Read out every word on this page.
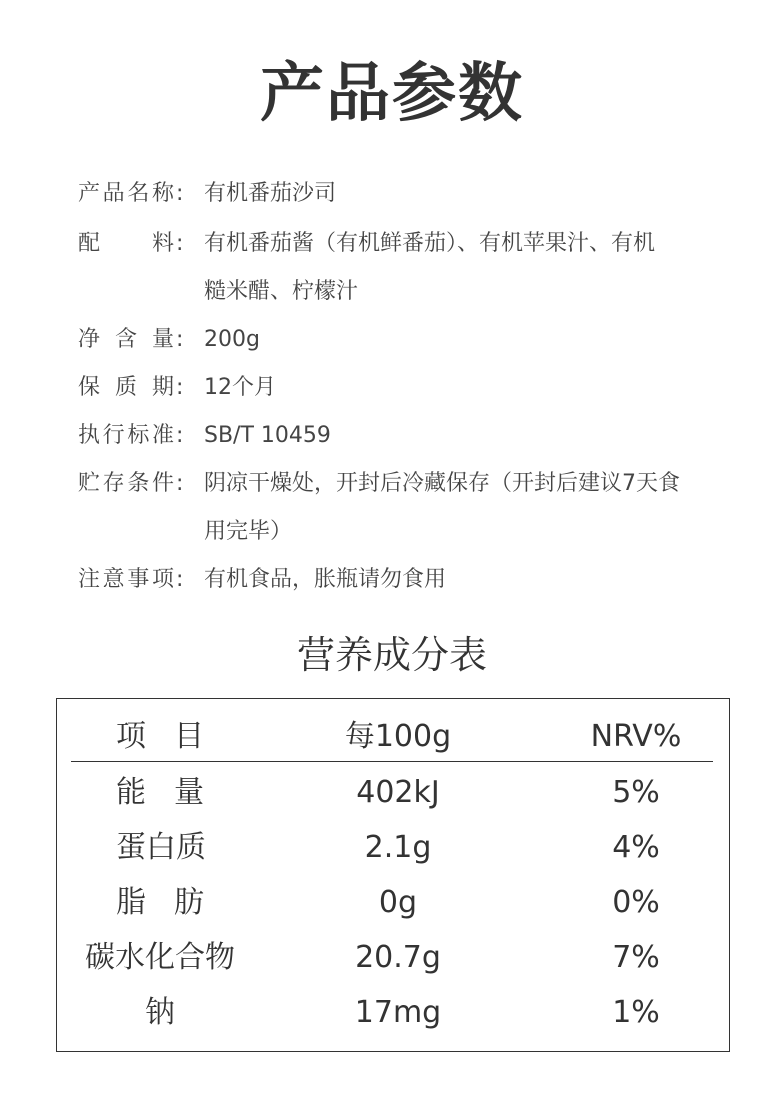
产品参数
产 品 名 称 : 有机番茄沙司
配 料 : 有机番茄酱（有机鲜番茄）、有机苹果汁、有机
糙米醋、柠檬汁
净 含 量 : 200g
保 质 期 : 12个月
执 行 标 准 : SB/T 10459
贮 存 条 件 : 阴凉干燥处，开封后冷藏保存（开封后建议7天食
用完毕）
注 意 事 项 : 有机食品，胀瓶请勿食用
营养成分表
项 目	每100g	NRV%
能 量	402kJ	5%
蛋 白 质	2.1g	4%
脂 肪	0g	0%
碳 水 化 合 物	20.7g	7%
钠	17mg	1%
